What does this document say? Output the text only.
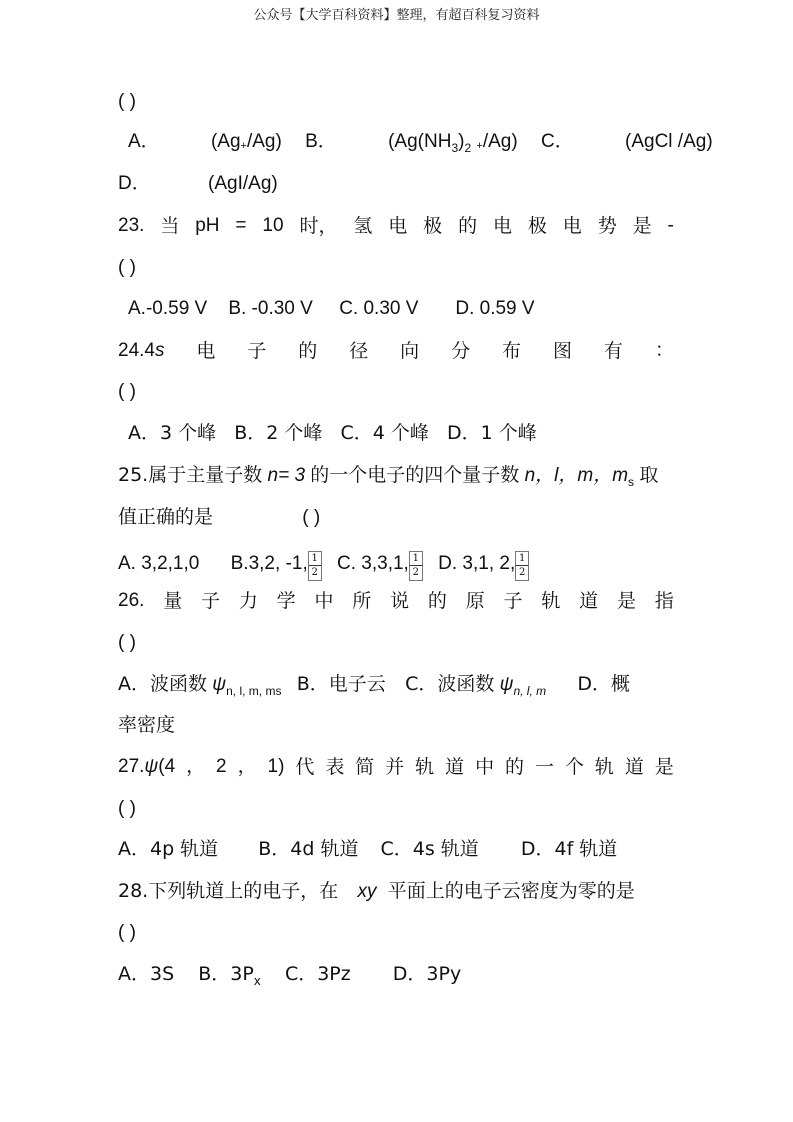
公众号【大学百科资料】整理，有超百科复习资料
( )
A．	$(Ag_+/Ag)$ B．	($Ag(NH_3)_2$ $_+$/Ag) C．	(AgCl /Ag)
D．	(AgI/Ag)
23. 当 pH = 10 时， 氢 电 极 的 电 极 电 势 是 -
( )
A.-0.59 V    B. -0.30 V     C. 0.30 V       D. 0.59 V
24.4s 电 子 的 径 向 分 布 图 有 ：
( )
A．3 个峰   B．2 个峰   C．4 个峰   D．1 个峰
25.属于主量子数 n= 3 的一个电子的四个量子数 n，l，m，$m_s$ 取
值正确的是	( )
A. 3,2,1,0 B.3,2, -1, $\frac{1}{2} C$. 3,3,1, $\frac{1}{2} D$. 3,1, 2, $\frac{1}{2}$
26. 量 子 力 学 中 所 说 的 原 子 轨 道 是 指
( )
A．波函数 $\psi_{n, l, m, ms}$ B．电子云 C．波函数 $\psi_{n, l, m}$ D．概
率密度
27.ψ(4 ， 2 ， 1) 代 表 简 并 轨 道 中 的 一 个 轨 道 是
( )
A．4p 轨道 B．4d 轨道 C．4s 轨道 D．4f 轨道
28.下列轨道上的电子，在 xy 平面上的电子云密度为零的是
( )
A．3S B．$3P_x$ C．3Pz D．3Py
